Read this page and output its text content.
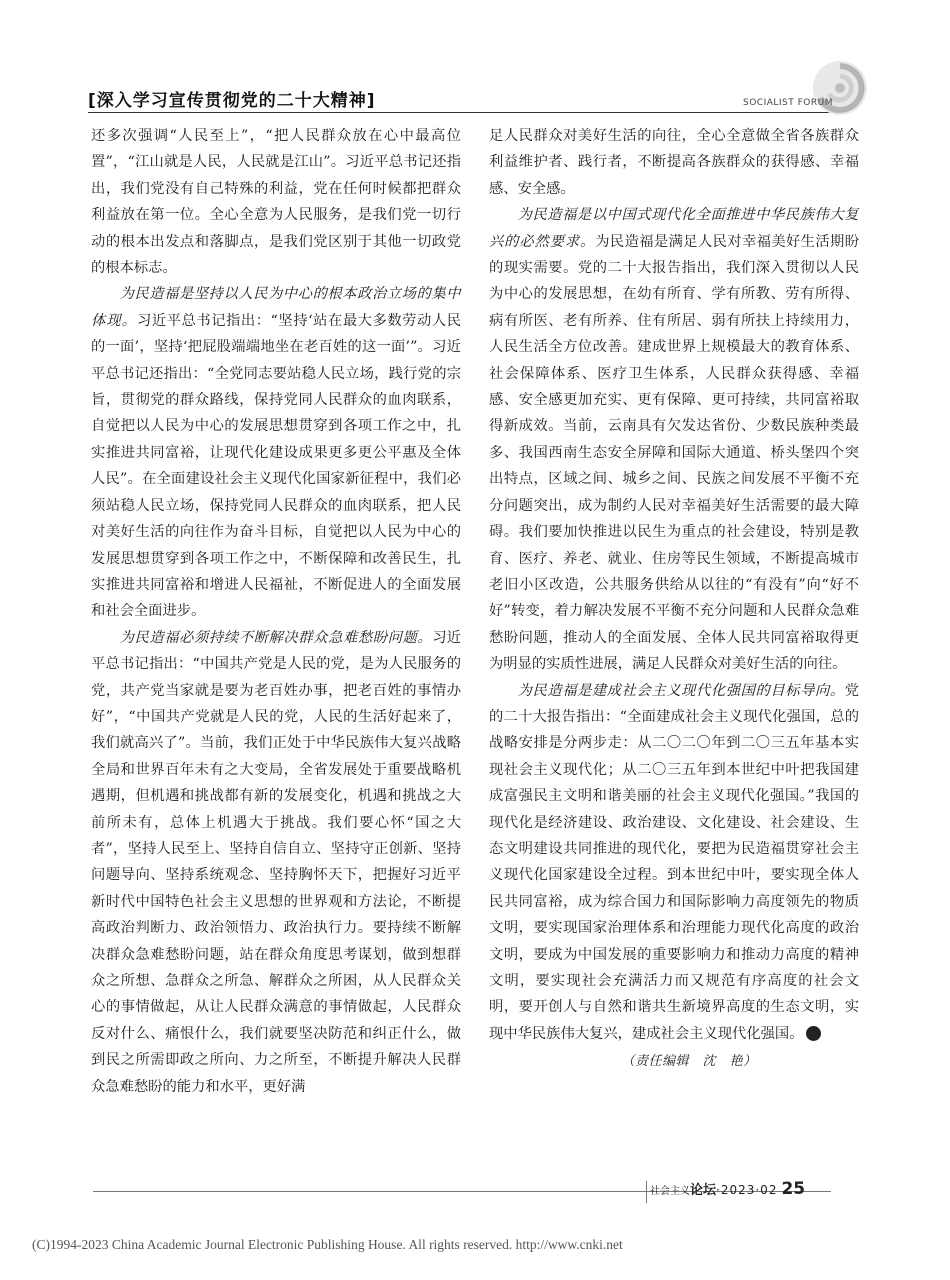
[深入学习宣传贯彻党的二十大精神]	SOCIALIST FORUM

还多次强调“人民至上”，“把人民群众放在心中最高位置”，“江山就是人民，人民就是江山”。习近平总书记还指出，我们党没有自己特殊的利益，党在任何时候都把群众利益放在第一位。全心全意为人民服务，是我们党一切行动的根本出发点和落脚点，是我们党区别于其他一切政党的根本标志。

为民造福是坚持以人民为中心的根本政治立场的集中体现。习近平总书记指出：“坚持‘站在最大多数劳动人民的一面’，坚持‘把屁股端端地坐在老百姓的这一面’”。习近平总书记还指出：“全党同志要站稳人民立场，践行党的宗旨，贯彻党的群众路线，保持党同人民群众的血肉联系，自觉把以人民为中心的发展思想贯穿到各项工作之中，扎实推进共同富裕，让现代化建设成果更多更公平惠及全体人民”。在全面建设社会主义现代化国家新征程中，我们必须站稳人民立场，保持党同人民群众的血肉联系，把人民对美好生活的向往作为奋斗目标，自觉把以人民为中心的发展思想贯穿到各项工作之中，不断保障和改善民生，扎实推进共同富裕和增进人民福祉，不断促进人的全面发展和社会全面进步。

为民造福必须持续不断解决群众急难愁盼问题。习近平总书记指出：“中国共产党是人民的党，是为人民服务的党，共产党当家就是要为老百姓办事，把老百姓的事情办好”，“中国共产党就是人民的党，人民的生活好起来了，我们就高兴了”。当前，我们正处于中华民族伟大复兴战略全局和世界百年未有之大变局，全省发展处于重要战略机遇期，但机遇和挑战都有新的发展变化，机遇和挑战之大前所未有，总体上机遇大于挑战。我们要心怀“国之大者”，坚持人民至上、坚持自信自立、坚持守正创新、坚持问题导向、坚持系统观念、坚持胸怀天下，把握好习近平新时代中国特色社会主义思想的世界观和方法论，不断提高政治判断力、政治领悟力、政治执行力。要持续不断解决群众急难愁盼问题，站在群众角度思考谋划，做到想群众之所想、急群众之所急、解群众之所困，从人民群众关心的事情做起，从让人民群众满意的事情做起，人民群众反对什么、痛恨什么，我们就要坚决防范和纠正什么，做到民之所需即政之所向、力之所至，不断提升解决人民群众急难愁盼的能力和水平，更好满

足人民群众对美好生活的向往，全心全意做全省各族群众利益维护者、践行者，不断提高各族群众的获得感、幸福感、安全感。

为民造福是以中国式现代化全面推进中华民族伟大复兴的必然要求。为民造福是满足人民对幸福美好生活期盼的现实需要。党的二十大报告指出，我们深入贯彻以人民为中心的发展思想，在幼有所育、学有所教、劳有所得、病有所医、老有所养、住有所居、弱有所扶上持续用力，人民生活全方位改善。建成世界上规模最大的教育体系、社会保障体系、医疗卫生体系，人民群众获得感、幸福感、安全感更加充实、更有保障、更可持续，共同富裕取得新成效。当前，云南具有欠发达省份、少数民族种类最多、我国西南生态安全屏障和国际大通道、桥头堡四个突出特点，区域之间、城乡之间、民族之间发展不平衡不充分问题突出，成为制约人民对幸福美好生活需要的最大障碍。我们要加快推进以民生为重点的社会建设，特别是教育、医疗、养老、就业、住房等民生领域，不断提高城市老旧小区改造，公共服务供给从以往的“有没有”向“好不好”转变，着力解决发展不平衡不充分问题和人民群众急难愁盼问题，推动人的全面发展、全体人民共同富裕取得更为明显的实质性进展，满足人民群众对美好生活的向往。

为民造福是建成社会主义现代化强国的目标导向。党的二十大报告指出：“全面建成社会主义现代化强国，总的战略安排是分两步走：从二〇二〇年到二〇三五年基本实现社会主义现代化；从二〇三五年到本世纪中叶把我国建成富强民主文明和谐美丽的社会主义现代化强国。”我国的现代化是经济建设、政治建设、文化建设、社会建设、生态文明建设共同推进的现代化，要把为民造福贯穿社会主义现代化国家建设全过程。到本世纪中叶，要实现全体人民共同富裕，成为综合国力和国际影响力高度领先的物质文明，要实现国家治理体系和治理能力现代化高度的政治文明，要成为中国发展的重要影响力和推动力高度的精神文明，要实现社会充满活力而又规范有序高度的社会文明，要开创人与自然和谐共生新境界高度的生态文明，实现中华民族伟大复兴，建成社会主义现代化强国。	论

（责任编辑　沈　艳）

社会主义论坛·2023·02 25
(C)1994-2023 China Academic Journal Electronic Publishing House. All rights reserved. http://www.cnki.net
